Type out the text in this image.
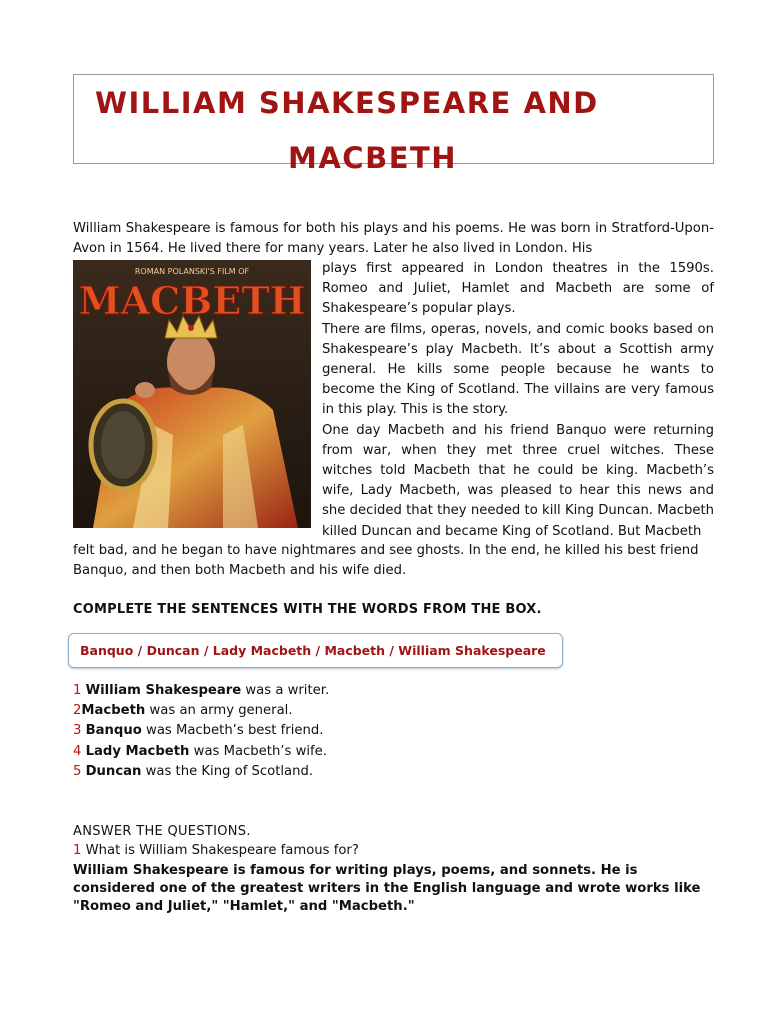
WILLIAM SHAKESPEARE AND
MACBETH
William Shakespeare is famous for both his plays and his poems. He was born in Stratford-Upon-Avon in 1564. He lived there for many years. Later he also lived in London. His
ROMAN POLANSKI'S FILM OF
MACBETH

plays first appeared in London theatres in the 1590s. Romeo and Juliet, Hamlet and Macbeth are some of Shakespeare’s popular plays.

There are films, operas, novels, and comic books based on Shakespeare’s play Macbeth. It’s about a Scottish army general. He kills some people because he wants to become the King of Scotland. The villains are very famous in this play. This is the story.

One day Macbeth and his friend Banquo were returning from war, when they met three cruel witches. These witches told Macbeth that he could be king. Macbeth’s wife, Lady Macbeth, was pleased to hear this news and she decided that they needed to kill King Duncan. Macbeth killed Duncan and became King of Scotland. But Macbeth

felt bad, and he began to have nightmares and see ghosts. In the end, he killed his best friend Banquo, and then both Macbeth and his wife died.
COMPLETE THE SENTENCES WITH THE WORDS FROM THE BOX.
Banquo / Duncan / Lady Macbeth / Macbeth / William Shakespeare
1 William Shakespeare was a writer.
2Macbeth was an army general.
3 Banquo was Macbeth’s best friend.
4 Lady Macbeth was Macbeth’s wife.
5 Duncan was the King of Scotland.
ANSWER THE QUESTIONS.
1 What is William Shakespeare famous for?
William Shakespeare is famous for writing plays, poems, and sonnets. He is considered one of the greatest writers in the English language and wrote works like "Romeo and Juliet," "Hamlet," and "Macbeth."
